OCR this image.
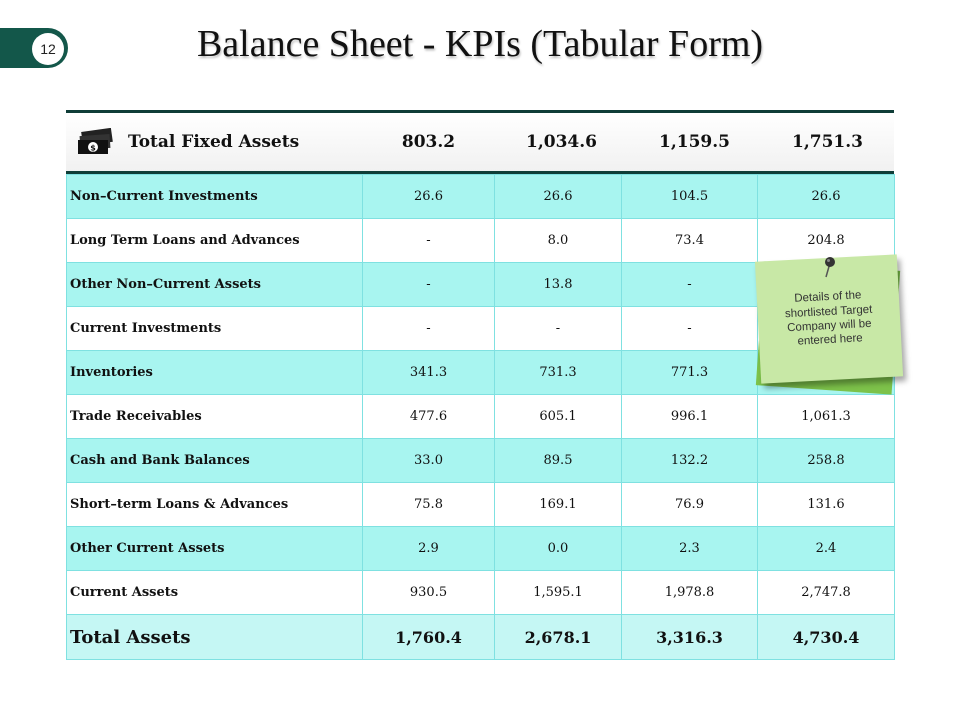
12	Balance Sheet - KPIs (Tabular Form)
$ Total Fixed Assets	803.2	1,034.6	1,159.5	1,751.3
Non–Current Investments	26.6	26.6	104.5	26.6
Long Term Loans and Advances	-	8.0	73.4	204.8
Other Non–Current Assets	-	13.8	-	
Current Investments	-	-	-	
Inventories	341.3	731.3	771.3	
Trade Receivables	477.6	605.1	996.1	1,061.3
Cash and Bank Balances	33.0	89.5	132.2	258.8
Short–term Loans & Advances	75.8	169.1	76.9	131.6
Other Current Assets	2.9	0.0	2.3	2.4
Current Assets	930.5	1,595.1	1,978.8	2,747.8
Total Assets	1,760.4	2,678.1	3,316.3	4,730.4
Details of the shortlisted Target Company will be entered here
